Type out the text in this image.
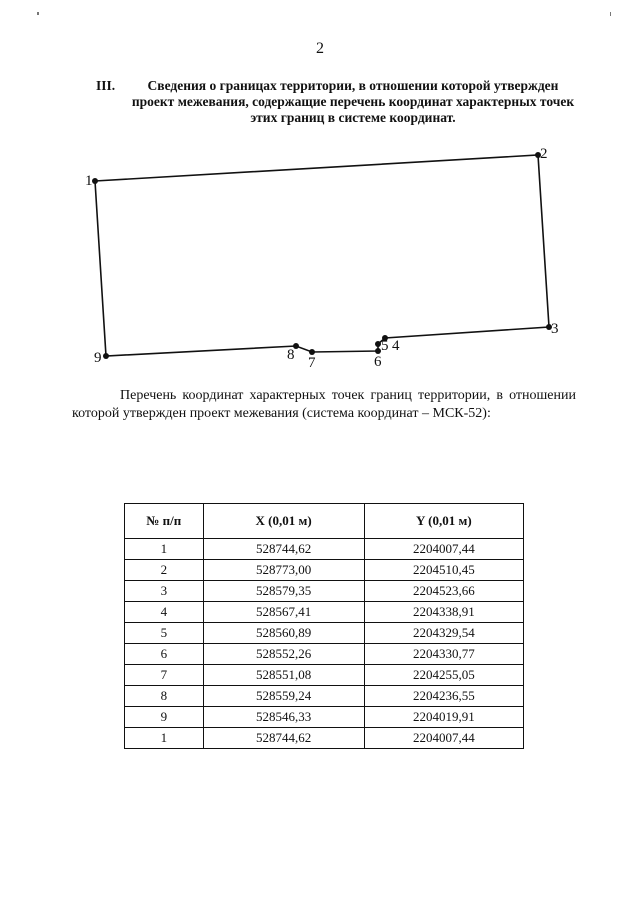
2
III.	Сведения о границах территории, в отношении которой утвержден проект межевания, содержащие перечень координат характерных точек этих границ в системе координат.
1
2
3
4
5
6
7
8
9
Перечень координат характерных точек границ территории, в отношении которой утвержден проект межевания (система координат – МСК-52):
№ п/п	X (0,01 м)	Y (0,01 м)
1	528744,62	2204007,44
2	528773,00	2204510,45
3	528579,35	2204523,66
4	528567,41	2204338,91
5	528560,89	2204329,54
6	528552,26	2204330,77
7	528551,08	2204255,05
8	528559,24	2204236,55
9	528546,33	2204019,91
1	528744,62	2204007,44
